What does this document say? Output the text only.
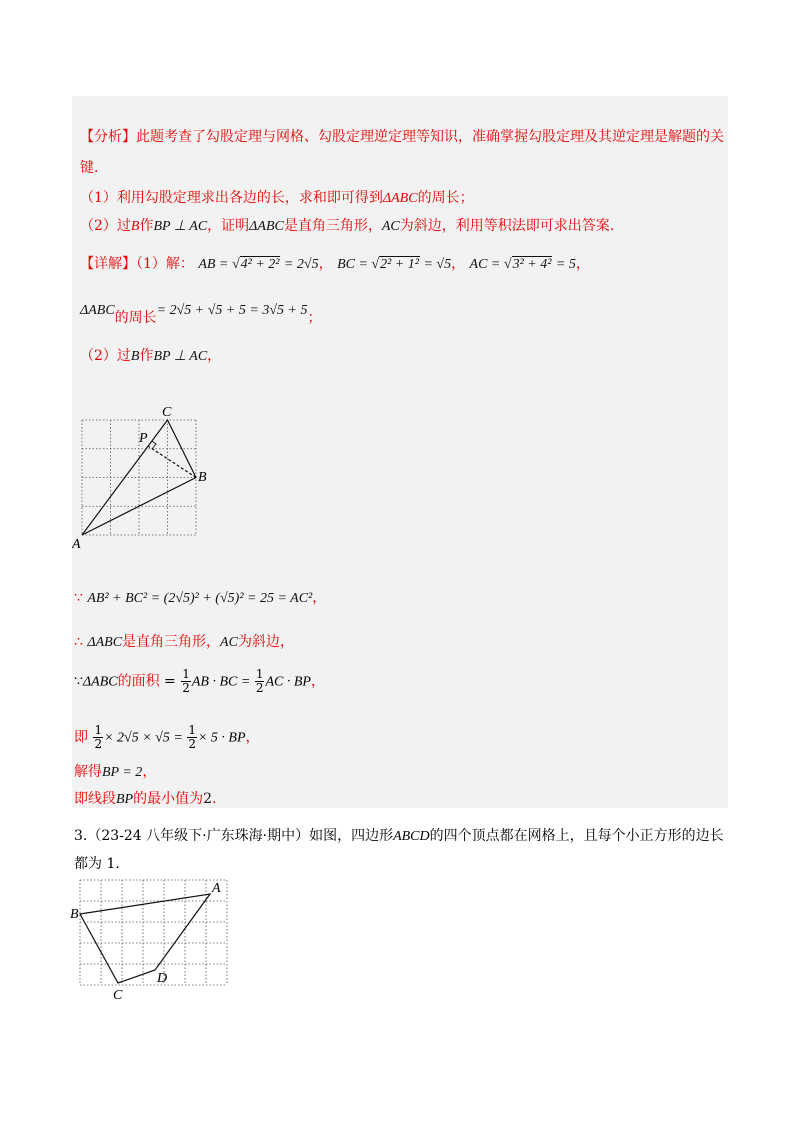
【分析】此题考查了勾股定理与网格、勾股定理逆定理等知识，准确掌握勾股定理及其逆定理是解题的关
键.
（1）利用勾股定理求出各边的长，求和即可得到ΔABC的周长；
（2）过B作BP ⊥ AC，证明ΔABC是直角三角形，AC为斜边，利用等积法即可求出答案.
【详解】（1）解： AB = √4² + 2² = 2√5， BC = √2² + 1² = √5， AC = √3² + 4² = 5，
ΔABC的周长= 2√5 + √5 + 5 = 3√5 + 5；
（2）过B作BP ⊥ AC，
A
B
C
P
∵ AB² + BC² = (2√5)² + (√5)² = 25 = AC²，
∴ ΔABC是直角三角形，AC为斜边，
∵ΔABC的面积 = $\frac{1}{2}$ AB · BC = $\frac{1}{2}$ AC · BP，
即 $\frac{1}{2} \times 2√5 \times √5 = \frac{1}{2} \times 5$ · BP，
解得BP = 2，
即线段BP的最小值为2.
3.（23-24 八年级下·广东珠海·期中）如图，四边形ABCD的四个顶点都在网格上，且每个小正方形的边长
都为 1.
A
B
C
D
